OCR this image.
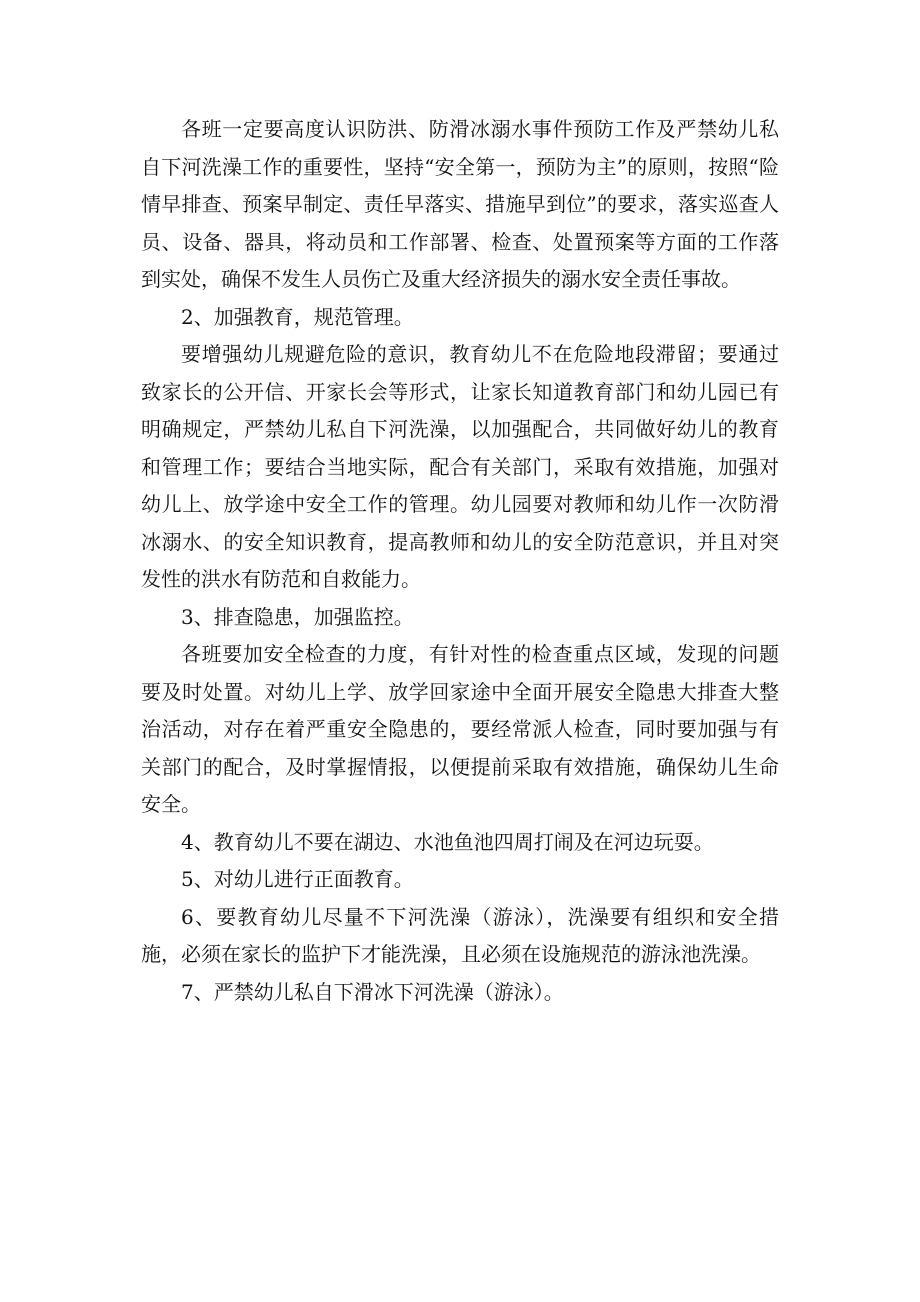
各班一定要高度认识防洪、防滑冰溺水事件预防工作及严禁幼儿私自下河洗澡工作的重要性，坚持“安全第一，预防为主”的原则，按照“险情早排查、预案早制定、责任早落实、措施早到位”的要求，落实巡查人员、设备、器具，将动员和工作部署、检查、处置预案等方面的工作落到实处，确保不发生人员伤亡及重大经济损失的溺水安全责任事故。

2、加强教育，规范管理。

要增强幼儿规避危险的意识，教育幼儿不在危险地段滞留；要通过致家长的公开信、开家长会等形式，让家长知道教育部门和幼儿园已有明确规定，严禁幼儿私自下河洗澡，以加强配合，共同做好幼儿的教育和管理工作；要结合当地实际，配合有关部门，采取有效措施，加强对幼儿上、放学途中安全工作的管理。幼儿园要对教师和幼儿作一次防滑冰溺水、的安全知识教育，提高教师和幼儿的安全防范意识，并且对突发性的洪水有防范和自救能力。

3、排查隐患，加强监控。

各班要加安全检查的力度，有针对性的检查重点区域，发现的问题要及时处置。对幼儿上学、放学回家途中全面开展安全隐患大排查大整治活动，对存在着严重安全隐患的，要经常派人检查，同时要加强与有关部门的配合，及时掌握情报，以便提前采取有效措施，确保幼儿生命安全。

4、教育幼儿不要在湖边、水池鱼池四周打闹及在河边玩耍。

5、对幼儿进行正面教育。

6、要教育幼儿尽量不下河洗澡（游泳），洗澡要有组织和安全措施，必须在家长的监护下才能洗澡，且必须在设施规范的游泳池洗澡。

7、严禁幼儿私自下滑冰下河洗澡（游泳）。
